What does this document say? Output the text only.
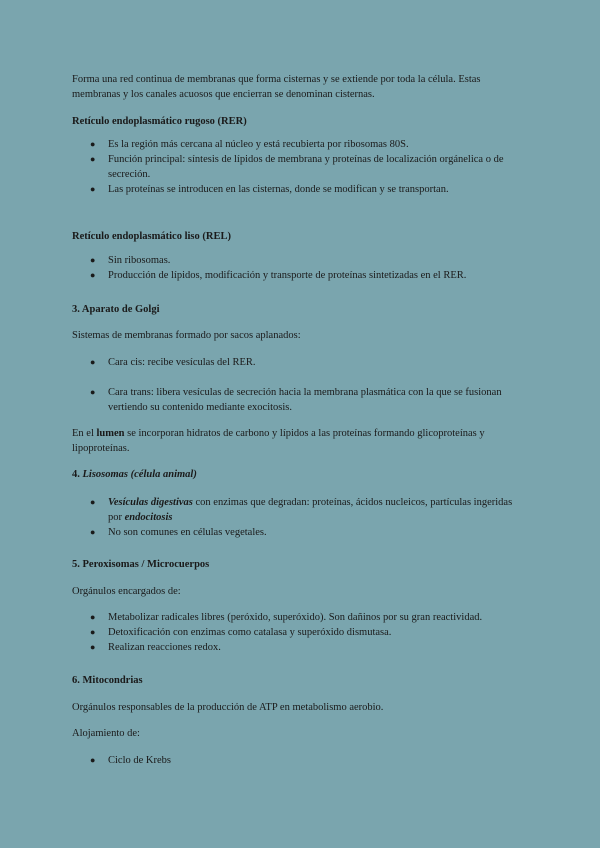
Forma una red continua de membranas que forma cisternas y se extiende por toda la célula. Estas membranas y los canales acuosos que encierran se denominan cisternas.

Retículo endoplasmático rugoso (RER)

● Es la región más cercana al núcleo y está recubierta por ribosomas 80S.
● Función principal: síntesis de lípidos de membrana y proteínas de localización orgánelica o de secreción.
● Las proteínas se introducen en las cisternas, donde se modifican y se transportan.

Retículo endoplasmático liso (REL)

● Sin ribosomas.
● Producción de lípidos, modificación y transporte de proteínas sintetizadas en el RER.

3. Aparato de Golgi

Sistemas de membranas formado por sacos aplanados:

● Cara cis: recibe vesículas del RER.
● Cara trans: libera vesículas de secreción hacia la membrana plasmática con la que se fusionan vertiendo su contenido mediante exocitosis.

En el lumen se incorporan hidratos de carbono y lípidos a las proteínas formando glicoproteínas y lipoproteínas.

4. Lisosomas (célula animal)

● Vesículas digestivas con enzimas que degradan: proteínas, ácidos nucleicos, partículas ingeridas por endocitosis
● No son comunes en células vegetales.

5. Peroxisomas / Microcuerpos

Orgánulos encargados de:

● Metabolizar radicales libres (peróxido, superóxido). Son dañinos por su gran reactividad.
● Detoxificación con enzimas como catalasa y superóxido dismutasa.
● Realizan reacciones redox.

6. Mitocondrias

Orgánulos responsables de la producción de ATP en metabolismo aerobio.

Alojamiento de:

● Ciclo de Krebs
